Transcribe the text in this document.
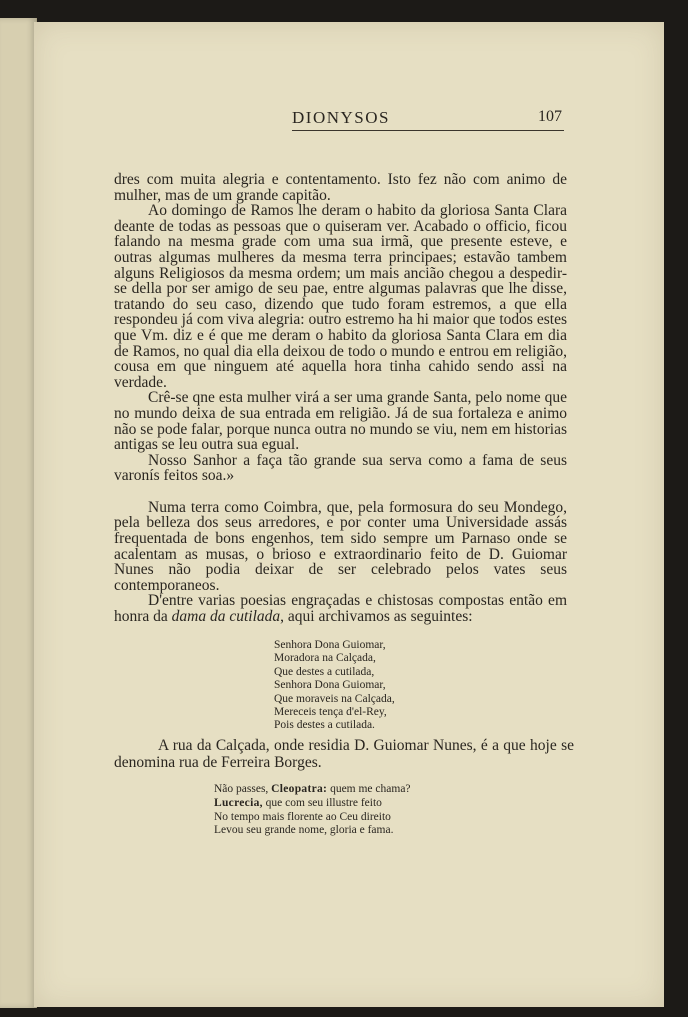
DIONYSOS	107

dres com muita alegria e contentamento. Isto fez não com animo de mulher, mas de um grande capitão.

Ao domingo de Ramos lhe deram o habito da gloriosa Santa Clara deante de todas as pessoas que o quiseram ver. Acabado o officio, ficou falando na mesma grade com uma sua irmã, que presente esteve, e outras algumas mulheres da mesma terra principaes; estavão tambem alguns Religiosos da mesma ordem; um mais ancião chegou a despedir-se della por ser amigo de seu pae, entre algumas palavras que lhe disse, tratando do seu caso, dizendo que tudo foram estremos, a que ella respondeu já com viva alegria: outro estremo ha hi maior que todos estes que Vm. diz e é que me deram o habito da gloriosa Santa Clara em dia de Ramos, no qual dia ella deixou de todo o mundo e entrou em religião, cousa em que ninguem até aquella hora tinha cahido sendo assi na verdade.

Crê-se qne esta mulher virá a ser uma grande Santa, pelo nome que no mundo deixa de sua entrada em religião. Já de sua fortaleza e animo não se pode falar, porque nunca outra no mundo se viu, nem em historias antigas se leu outra sua egual.

Nosso Sanhor a faça tão grande sua serva como a fama de seus varonís feitos soa.»

Numa terra como Coimbra, que, pela formosura do seu Mondego, pela belleza dos seus arredores, e por conter uma Universidade assás frequentada de bons engenhos, tem sido sempre um Parnaso onde se acalentam as musas, o brioso e extraordinario feito de D. Guiomar Nunes não podia deixar de ser celebrado pelos vates seus contemporaneos.

D'entre varias poesias engraçadas e chistosas compostas então em honra da dama da cutilada, aqui archivamos as seguintes:

Senhora Dona Guiomar,
Moradora na Calçada,
Que destes a cutilada,
Senhora Dona Guiomar,
Que moraveis na Calçada,
Mereceis tença d'el-Rey,
Pois destes a cutilada.

A rua da Calçada, onde residia D. Guiomar Nunes, é a que hoje se denomina rua de Ferreira Borges.

Não passes, Cleopatra: quem me chama?
Lucrecia, que com seu illustre feito
No tempo mais florente ao Ceu direito
Levou seu grande nome, gloria e fama.
